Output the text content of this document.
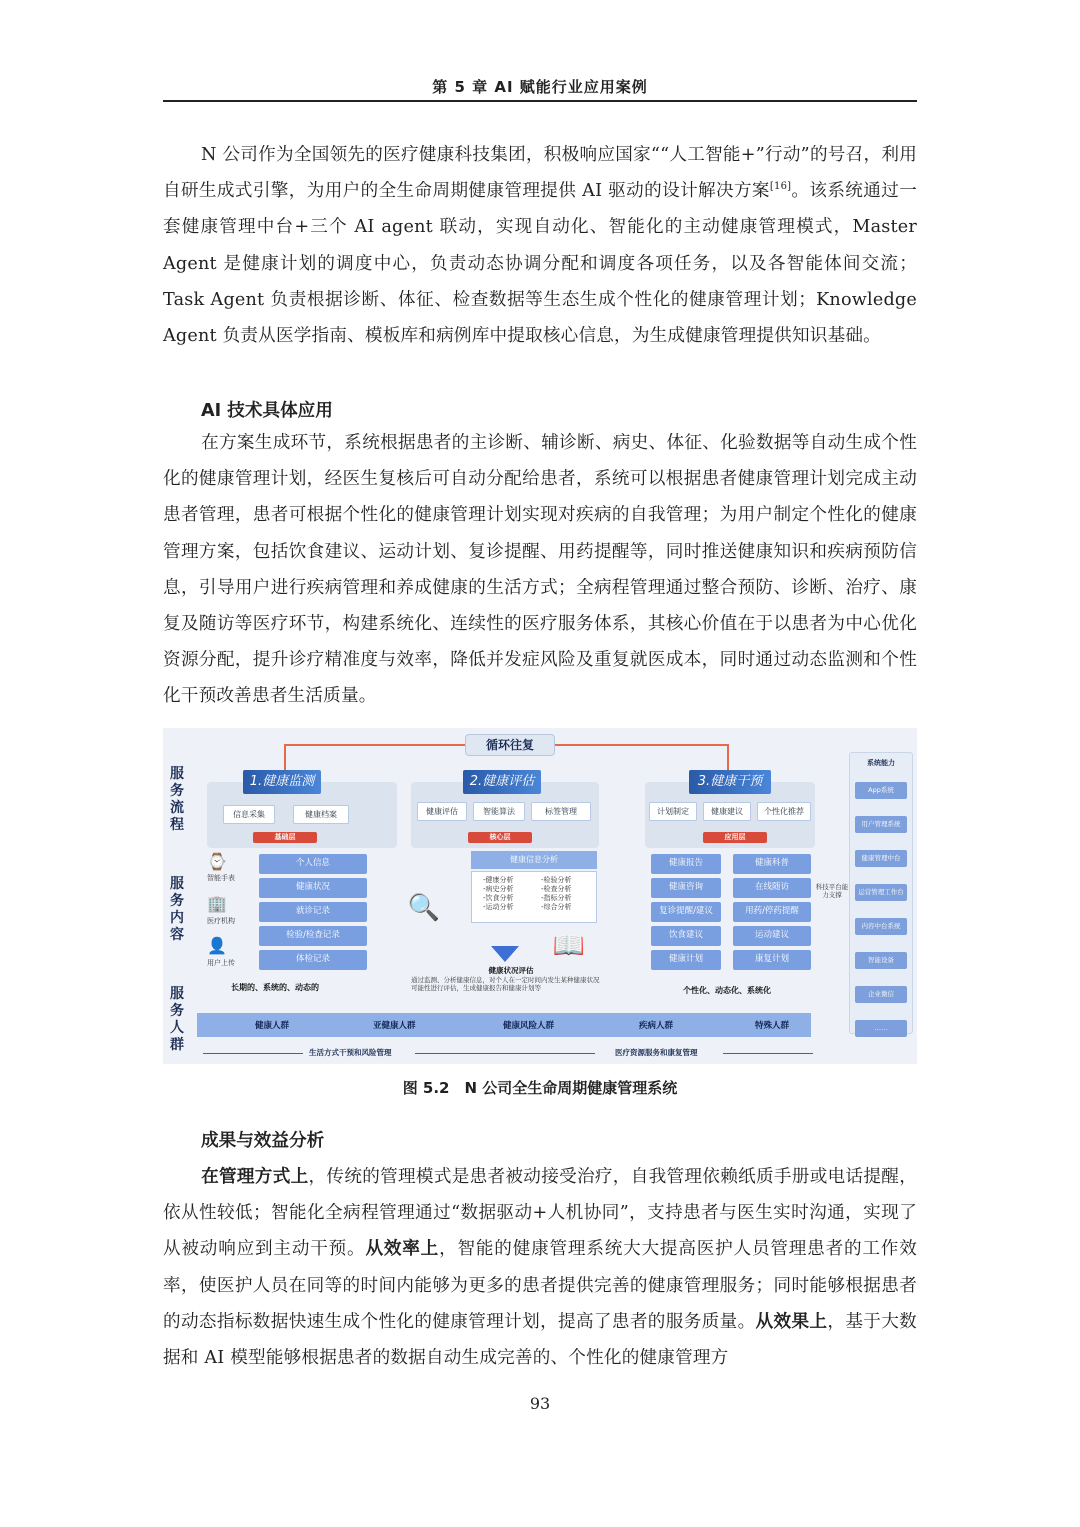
第 5 章 AI 赋能行业应用案例
N 公司作为全国领先的医疗健康科技集团，积极响应国家““人工智能+”行动”的号召，利用自研生成式引擎，为用户的全生命周期健康管理提供 AI 驱动的设计解决方案[16]。该系统通过一套健康管理中台+三个 AI agent 联动，实现自动化、智能化的主动健康管理模式，Master Agent 是健康计划的调度中心，负责动态协调分配和调度各项任务，以及各智能体间交流；Task Agent 负责根据诊断、体征、检查数据等生态生成个性化的健康管理计划；Knowledge Agent 负责从医学指南、模板库和病例库中提取核心信息，为生成健康管理提供知识基础。
AI 技术具体应用
在方案生成环节，系统根据患者的主诊断、辅诊断、病史、体征、化验数据等自动生成个性化的健康管理计划，经医生复核后可自动分配给患者，系统可以根据患者健康管理计划完成主动患者管理，患者可根据个性化的健康管理计划实现对疾病的自我管理；为用户制定个性化的健康管理方案，包括饮食建议、运动计划、复诊提醒、用药提醒等，同时推送健康知识和疾病预防信息，引导用户进行疾病管理和养成健康的生活方式；全病程管理通过整合预防、诊断、治疗、康复及随访等医疗环节，构建系统化、连续性的医疗服务体系，其核心价值在于以患者为中心优化资源分配，提升诊疗精准度与效率，降低并发症风险及重复就医成本，同时通过动态监测和个性化干预改善患者生活质量。
循环往复
服务流程
服务内容
服务人群
1.健康监测
信息采集	健康档案
基础层
2.健康评估
健康评估	智能算法	标签管理
核心层
3.健康干预
计划制定	健康建议	个性化推荐
应用层
⌚
智能手表
🏢
医疗机构
👤
用户上传
个人信息
健康状况
就诊记录
检验/检查记录
体检记录
长期的、系统的、动态的
健康信息分析
-健康分析
-病史分析
-饮食分析
-运动分析
-检验分析
-检查分析
-指标分析
-综合分析
🔍
📖
健康状况评估
通过监测、分析健康信息，对个人在一定时间内发生某种健康状况可能性进行评估，生成健康报告和健康计划等
健康报告
健康咨询
复诊提醒/建议
饮食建议
健康计划
健康科普
在线随访
用药/停药提醒
运动建议
康复计划
个性化、动态化、系统化
科技平台能力支撑
健康人群	亚健康人群	健康风险人群	疾病人群	特殊人群
生活方式干预和风险管理	医疗资源服务和康复管理
系统能力
App系统
用户管理系统
健康管理中台
运营管理工作台
内容中台系统
智能设备
企业微信
……
图 5.2　N 公司全生命周期健康管理系统
成果与效益分析
在管理方式上，传统的管理模式是患者被动接受治疗，自我管理依赖纸质手册或电话提醒，依从性较低；智能化全病程管理通过“数据驱动+人机协同”，支持患者与医生实时沟通，实现了从被动响应到主动干预。从效率上，智能的健康管理系统大大提高医护人员管理患者的工作效率，使医护人员在同等的时间内能够为更多的患者提供完善的健康管理服务；同时能够根据患者的动态指标数据快速生成个性化的健康管理计划，提高了患者的服务质量。从效果上，基于大数据和 AI 模型能够根据患者的数据自动生成完善的、个性化的健康管理方
93
